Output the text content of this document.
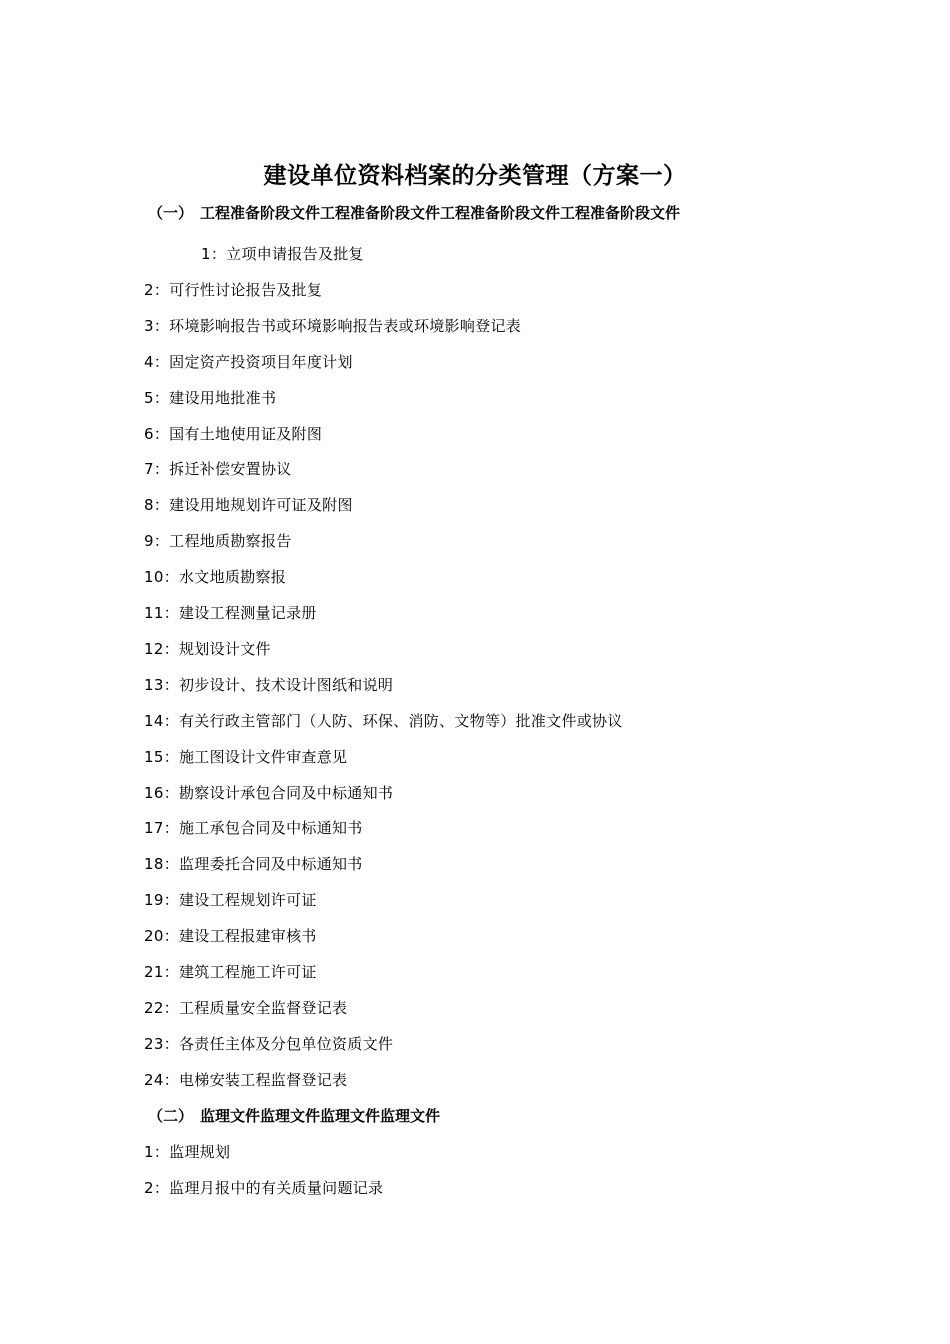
建设单位资料档案的分类管理（方案一）
（一） 工程准备阶段文件工程准备阶段文件工程准备阶段文件工程准备阶段文件
1 ： 立项申请报告及批复
2 ： 可行性讨论报告及批复
3 ： 环境影响报告书或环境影响报告表或环境影响登记表
4 ： 固定资产投资项目年度计划
5 ： 建设用地批准书
6 ： 国有土地使用证及附图
7 ： 拆迁补偿安置协议
8 ： 建设用地规划许可证及附图
9 ： 工程地质勘察报告
10 ： 水文地质勘察报
11 ： 建设工程测量记录册
12 ： 规划设计文件
13 ： 初步设计、技术设计图纸和说明
14 ： 有关行政主管部门（人防、环保、消防、文物等）批准文件或协议
15 ： 施工图设计文件审查意见
16 ： 勘察设计承包合同及中标通知书
17 ： 施工承包合同及中标通知书
18 ： 监理委托合同及中标通知书
19 ： 建设工程规划许可证
20 ： 建设工程报建审核书
21 ： 建筑工程施工许可证
22 ： 工程质量安全监督登记表
23 ： 各责任主体及分包单位资质文件
24 ： 电梯安装工程监督登记表
（二） 监理文件监理文件监理文件监理文件
1 ： 监理规划
2 ： 监理月报中的有关质量问题记录
